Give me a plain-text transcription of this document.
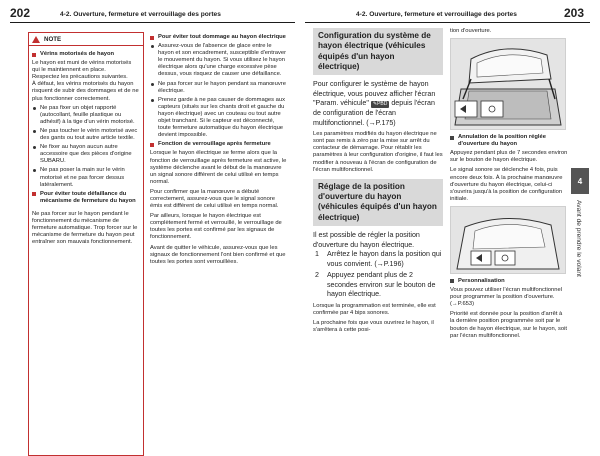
202	4-2. Ouverture, fermeture et verrouillage des portes	4-2. Ouverture, fermeture et verrouillage des portes	203
NOTE
Vérins motorisés de hayon

Le hayon est muni de vérins motorisés qui le maintiennent en place.
Respectez les précautions suivantes.
À défaut, les vérins motorisés du hayon risquent de subir des dommages et de ne plus fonctionner correctement.

Ne pas fixer un objet rapporté (autocollant, feuille plastique ou adhésif) à la tige d'un vérin motorisé.
Ne pas toucher le vérin motorisé avec des gants ou tout autre article textile.
Ne fixer au hayon aucun autre accessoire que des pièces d'origine SUBARU.
Ne pas poser la main sur le vérin motorisé et ne pas forcer dessus latéralement.
Pour éviter toute défaillance du mécanisme de fermeture du hayon

Ne pas forcer sur le hayon pendant le fonctionnement du mécanisme de fermeture automatique. Trop forcer sur le mécanisme de fermeture du hayon peut entraîner son mauvais fonctionnement.

Pour éviter tout dommage au hayon électrique
Assurez-vous de l'absence de glace entre le hayon et son encadrement, susceptible d'entraver le mouvement du hayon. Si vous utilisez le hayon électrique alors qu'une charge excessive pèse dessus, vous risquez de causer une défaillance.
Ne pas forcer sur le hayon pendant sa manœuvre électrique.
Prenez garde à ne pas causer de dommages aux capteurs (situés sur les chants droit et gauche du hayon électrique) avec un couteau ou tout autre objet tranchant. Si le capteur est déconnecté, toute fermeture automatique du hayon électrique devient impossible.
Fonction de verrouillage après fermeture

Lorsque le hayon électrique se ferme alors que la fonction de verrouillage après fermeture est active, le système déclenche avant le début de la manœuvre un signal sonore différent de celui utilisé en temps normal.

Pour confirmer que la manœuvre a débuté correctement, assurez-vous que le signal sonore émis est différent de celui utilisé en temps normal.

Par ailleurs, lorsque le hayon électrique est complètement fermé et verrouillé, le verrouillage de toutes les portes est confirmé par les signaux de fonctionnement.

Avant de quitter le véhicule, assurez-vous que les signaux de fonctionnement l'ont bien confirmé et que toutes les portes sont verrouillées.

Configuration du système de hayon électrique (véhicules équipés d'un hayon électrique)
Pour configurer le système de hayon électrique, vous pouvez afficher l'écran "Param. véhicule" ✎PBD depuis l'écran de configuration de l'écran multifonctionnel. (→P.175)

Les paramètres modifiés du hayon électrique ne sont pas remis à zéro par la mise sur arrêt du contacteur de démarrage. Pour rétablir les paramètres à leur configuration d'origine, il faut les modifier à nouveau à l'écran de configuration de l'écran multifonctionnel.

Réglage de la position d'ouverture du hayon (véhicules équipés d'un hayon électrique)
Il est possible de régler la position d'ouverture du hayon électrique.
1 Arrêtez le hayon dans la position qui vous convient. (→P.196)
2 Appuyez pendant plus de 2 secondes environ sur le bouton de hayon électrique.

Lorsque la programmation est terminée, elle est confirmée par 4 bips sonores.

La prochaine fois que vous ouvrirez le hayon, il s'arrêtera à cette posi-

tion d'ouverture.

Annulation de la position réglée d'ouverture du hayon

Appuyez pendant plus de 7 secondes environ sur le bouton de hayon électrique.

Le signal sonore se déclenche 4 fois, puis encore deux fois. À la prochaine manœuvre d'ouverture du hayon électrique, celui-ci s'ouvrira jusqu'à la position de configuration initiale.

Personnalisation

Vous pouvez utiliser l'écran multifonctionnel pour programmer la position d'ouverture. (→P.653)

Priorité est donnée pour la position d'arrêt à la dernière position programmée soit par le bouton de hayon électrique, sur le hayon, soit par l'écran multifonctionnel.

4
Avant de prendre le volant
